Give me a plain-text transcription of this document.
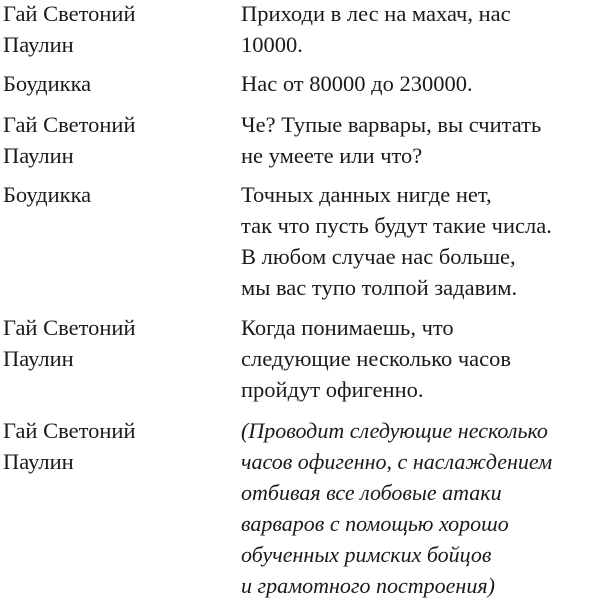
Гай Светоний
Паулин
Приходи в лес на махач, нас
10000.
Боудикка	Нас от 80000 до 230000.
Гай Светоний
Паулин
Че? Тупые варвары, вы считать
не умеете или что?
Боудикка	Точных данных нигде нет,
так что пусть будут такие числа.
В любом случае нас больше,
мы вас тупо толпой задавим.
Гай Светоний
Паулин
Когда понимаешь, что
следующие несколько часов
пройдут офигенно.
Гай Светоний
Паулин
(Проводит следующие несколько
часов офигенно, с наслаждением
отбивая все лобовые атаки
варваров с помощью хорошо
обученных римских бойцов
и грамотного построения)
